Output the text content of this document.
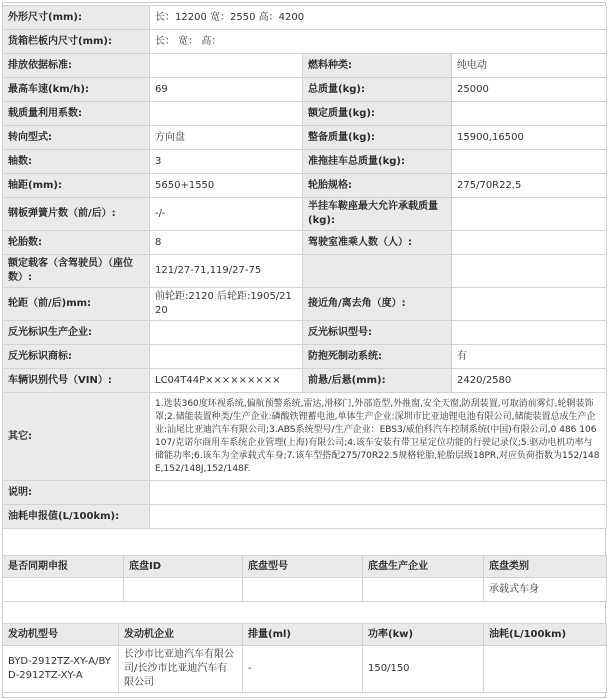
外形尺寸(mm):	长：12200 宽：2550 高：4200		
货箱栏板内尺寸(mm):	长： 宽： 高：		
排放依据标准:		燃料种类:	纯电动
最高车速(km/h):	69	总质量(kg):	25000
载质量利用系数:		额定质量(kg):	
转向型式:	方向盘	整备质量(kg):	15900,16500
轴数:	3	准拖挂车总质量(kg):	
轴距(mm):	5650+1550	轮胎规格:	275/70R22.5
钢板弹簧片数（前/后）:	-/-	半挂车鞍座最大允许承载质量(kg):	
轮胎数:	8	驾驶室准乘人数（人）:	
额定载客（含驾驶员）（座位数）:	121/27-71,119/27-75		
轮距（前/后)mm:	前轮距:2120 后轮距:1905/2120	接近角/离去角（度）:	
反光标识生产企业:		反光标识型号:	
反光标识商标:		防抱死制动系统:	有
车辆识别代号（VIN）:	LC04T44P×××××××××	前悬/后悬(mm):	2420/2580
其它:	1.选装360度环视系统,偏航预警系统,雷达,滑移门,外部造型,外推窗,安全天窗,防刮装置,可取消前雾灯,轮辋装饰罩;2.储能装置种类/生产企业:磷酸铁锂蓄电池,单体生产企业:深圳市比亚迪锂电池有限公司,储能装置总成生产企业:汕尾比亚迪汽车有限公司;3.ABS系统型号/生产企业：EBS3/威伯科汽车控制系统(中国)有限公司,0 486 106 107/克诺尔商用车系统企业管理(上海)有限公司;4.该车安装有带卫星定位功能的行驶记录仪;5.驱动电机功率与储能功率;6.该车为全承载式车身;7.该车型搭配275/70R22.5规格轮胎,轮胎层级18PR,对应负荷指数为152/148E,152/148J,152/148F.		
说明:			
油耗申报值(L/100km):			
是否同期申报	底盘ID	底盘型号	底盘生产企业	底盘类别
				承载式车身
发动机型号	发动机企业	排量(ml)	功率(kw)	油耗(L/100km)
BYD-2912TZ-XY-A/BYD-2912TZ-XY-A	长沙市比亚迪汽车有限公司/长沙市比亚迪汽车有限公司	-	150/150	
